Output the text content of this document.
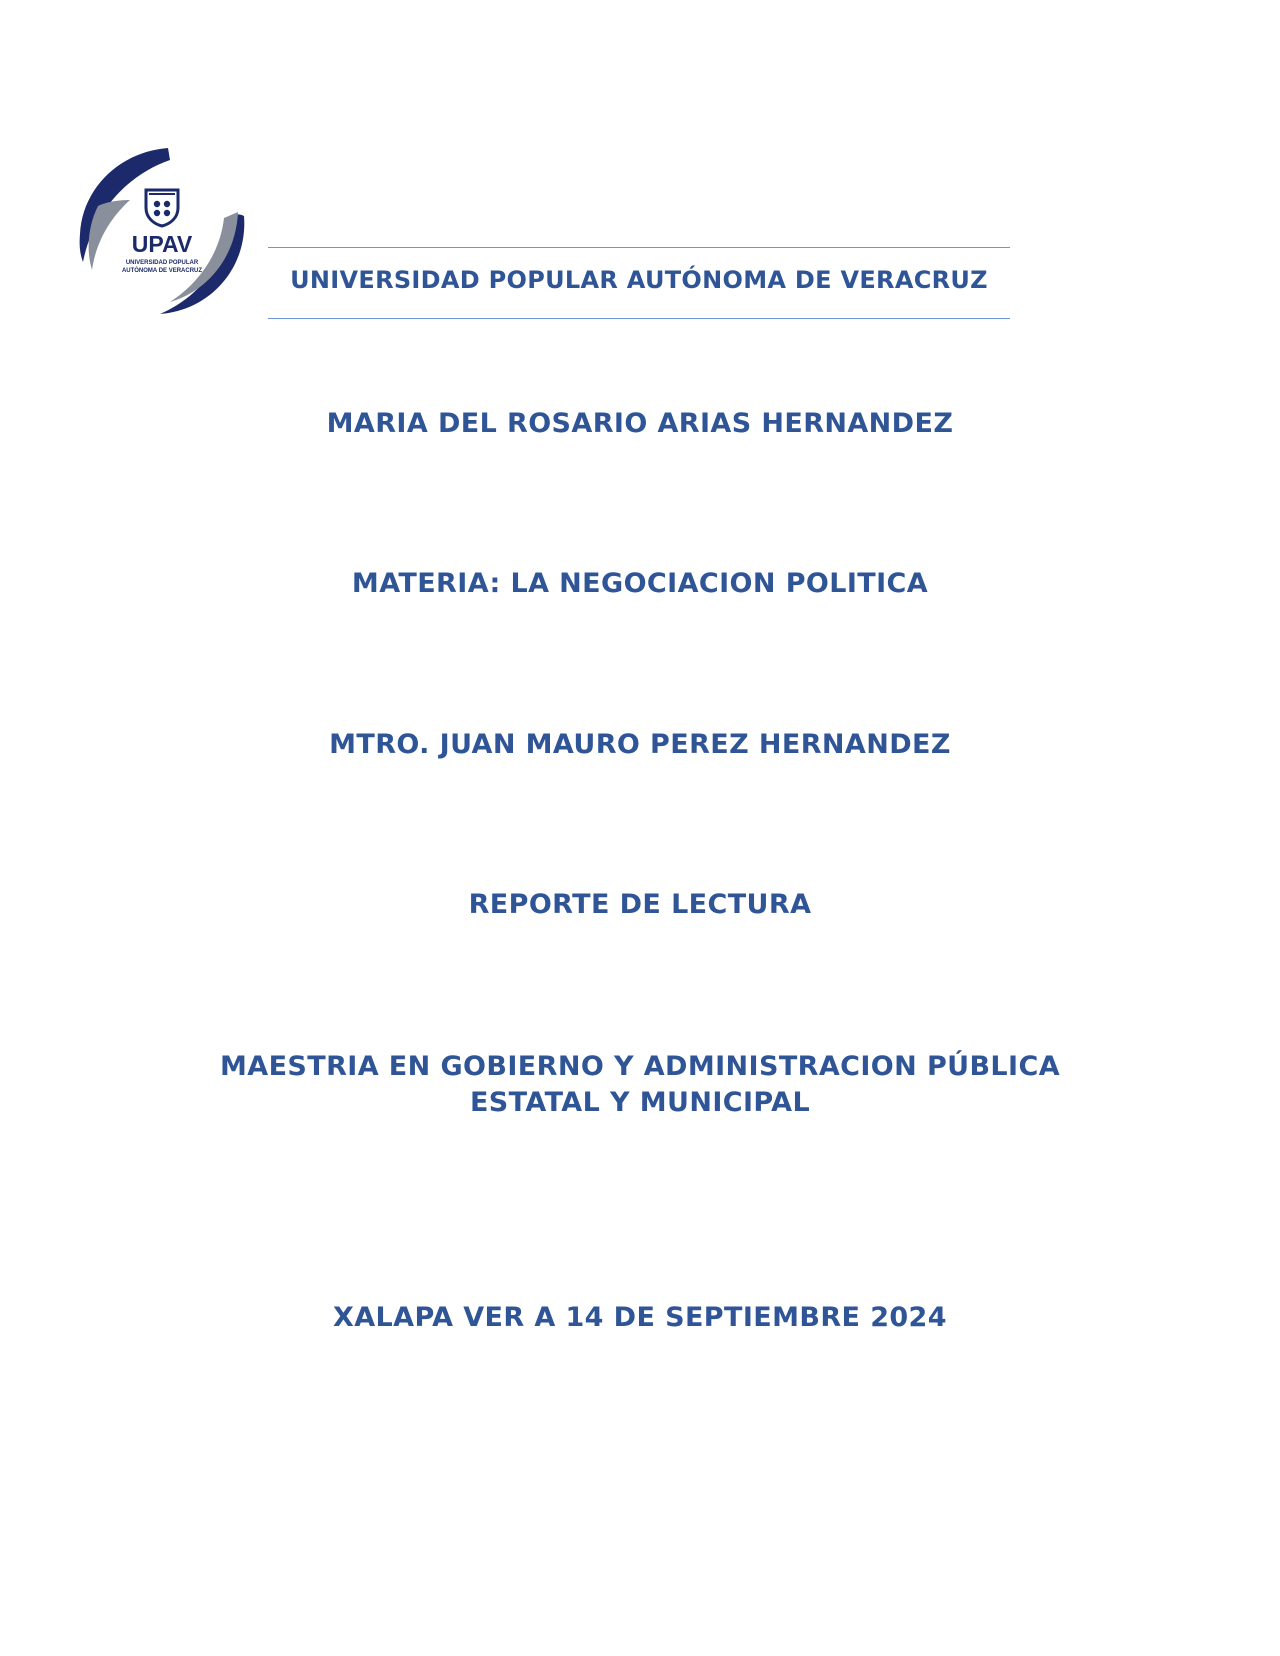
UPAV
UNIVERSIDAD POPULAR
AUTÓNOMA DE VERACRUZ	UNIVERSIDAD POPULAR AUTÓNOMA DE VERACRUZ
MARIA DEL ROSARIO ARIAS HERNANDEZ
MATERIA: LA NEGOCIACION POLITICA
MTRO. JUAN MAURO PEREZ HERNANDEZ
REPORTE DE LECTURA
MAESTRIA EN GOBIERNO Y ADMINISTRACION PÚBLICA
ESTATAL Y MUNICIPAL
XALAPA VER A 14 DE SEPTIEMBRE 2024
